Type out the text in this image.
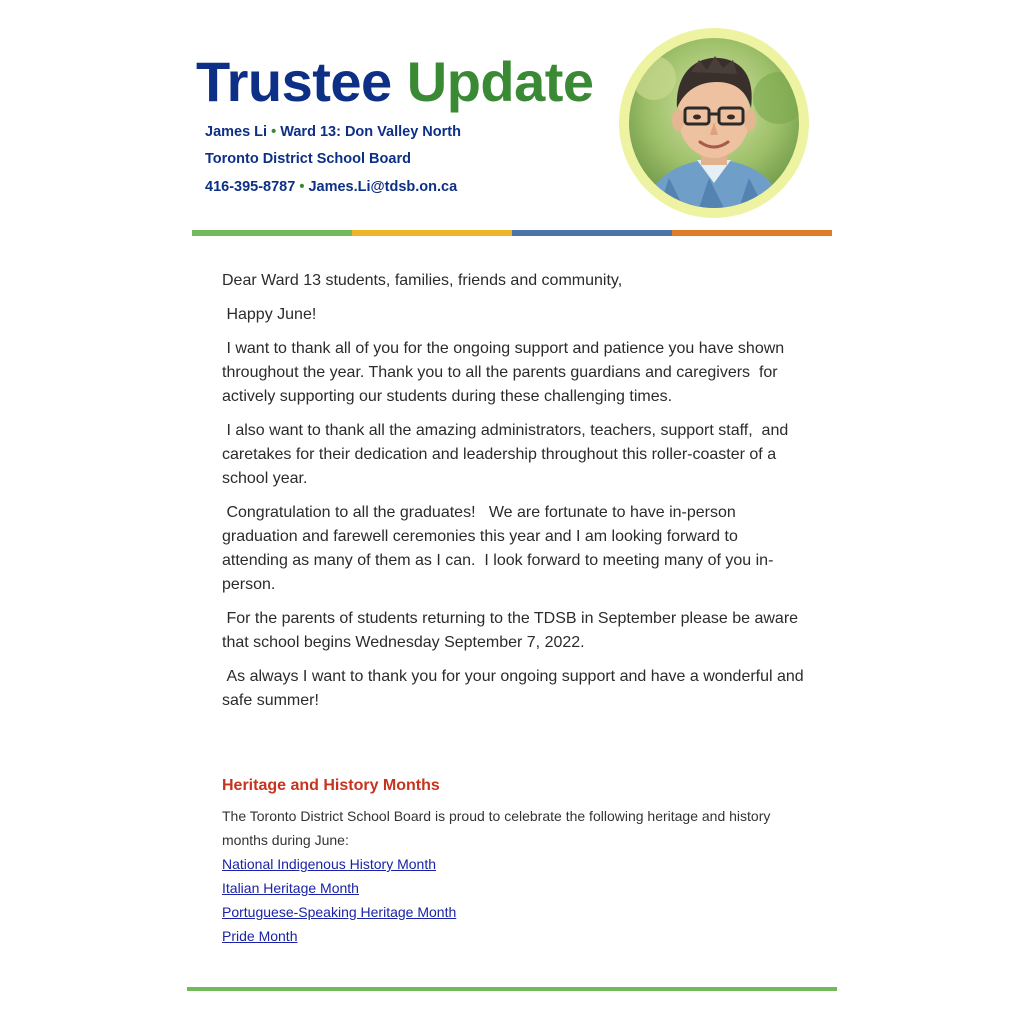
Trustee Update
James Li • Ward 13: Don Valley North
Toronto District School Board
416-395-8787 • James.Li@tdsb.on.ca

Dear Ward 13 students, families, friends and community,

Happy June!

I want to thank all of you for the ongoing support and patience you have shown throughout the year. Thank you to all the parents guardians and caregivers  for actively supporting our students during these challenging times.

I also want to thank all the amazing administrators, teachers, support staff,  and caretakes for their dedication and leadership throughout this roller-coaster of a school year.

Congratulation to all the graduates!   We are fortunate to have in-person graduation and farewell ceremonies this year and I am looking forward to attending as many of them as I can.  I look forward to meeting many of you in-person.

For the parents of students returning to the TDSB in September please be aware that school begins Wednesday September 7, 2022.

As always I want to thank you for your ongoing support and have a wonderful and safe summer!

Heritage and History Months

The Toronto District School Board is proud to celebrate the following heritage and history months during June:

National Indigenous History Month
Italian Heritage Month
Portuguese-Speaking Heritage Month
Pride Month
